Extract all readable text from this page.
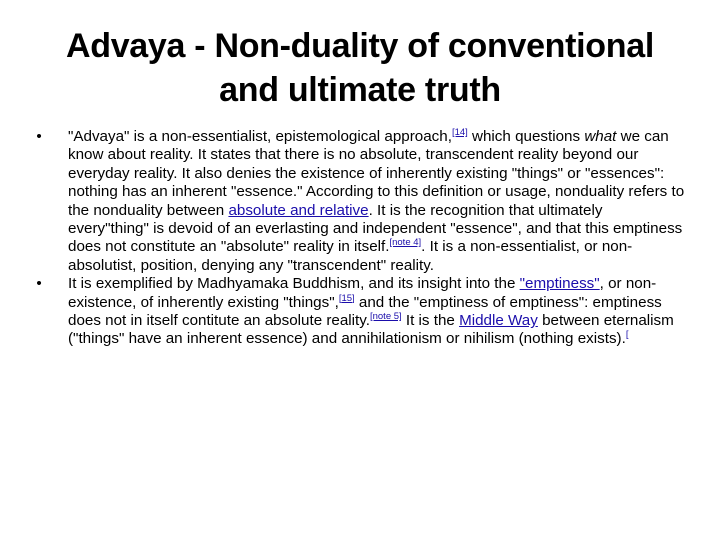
Advaya - Non-duality of conventional
and ultimate truth
• "Advaya" is a non-essentialist, epistemological approach,[14] which questions what we can know about reality. It states that there is no absolute, transcendent reality beyond our everyday reality. It also denies the existence of inherently existing "things" or "essences": nothing has an inherent "essence." According to this definition or usage, nonduality refers to the nonduality between absolute and relative. It is the recognition that ultimately every"thing" is devoid of an everlasting and independent "essence", and that this emptiness does not constitute an "absolute" reality in itself.[note 4]. It is a non-essentialist, or non-absolutist, position, denying any "transcendent" reality.
• It is exemplified by Madhyamaka Buddhism, and its insight into the "emptiness", or non-existence, of inherently existing "things",[15] and the "emptiness of emptiness": emptiness does not in itself contitute an absolute reality.[note 5] It is the Middle Way between eternalism ("things" have an inherent essence) and annihilationism or nihilism (nothing exists).[
